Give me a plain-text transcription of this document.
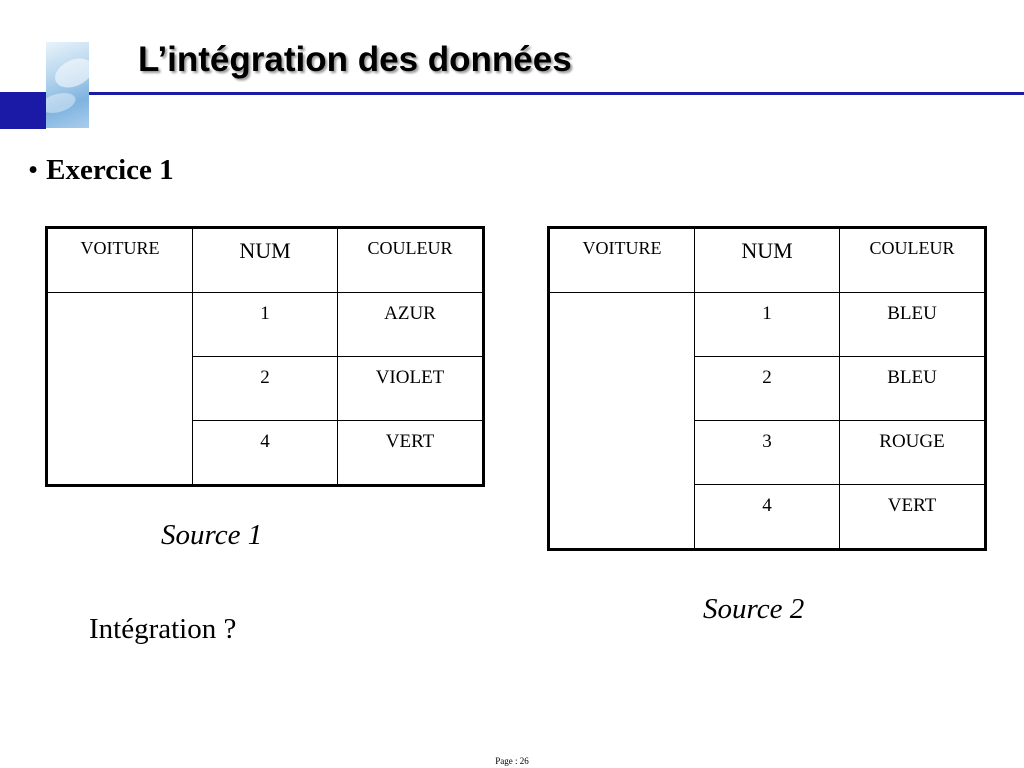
L’intégration des données
• Exercice 1
VOITURE	NUM	COULEUR
	1	AZUR
	2	VIOLET
	4	VERT
VOITURE	NUM	COULEUR
	1	BLEU
	2	BLEU
	3	ROUGE
	4	VERT
Source 1
Source 2
Intégration ?
Page : 26
